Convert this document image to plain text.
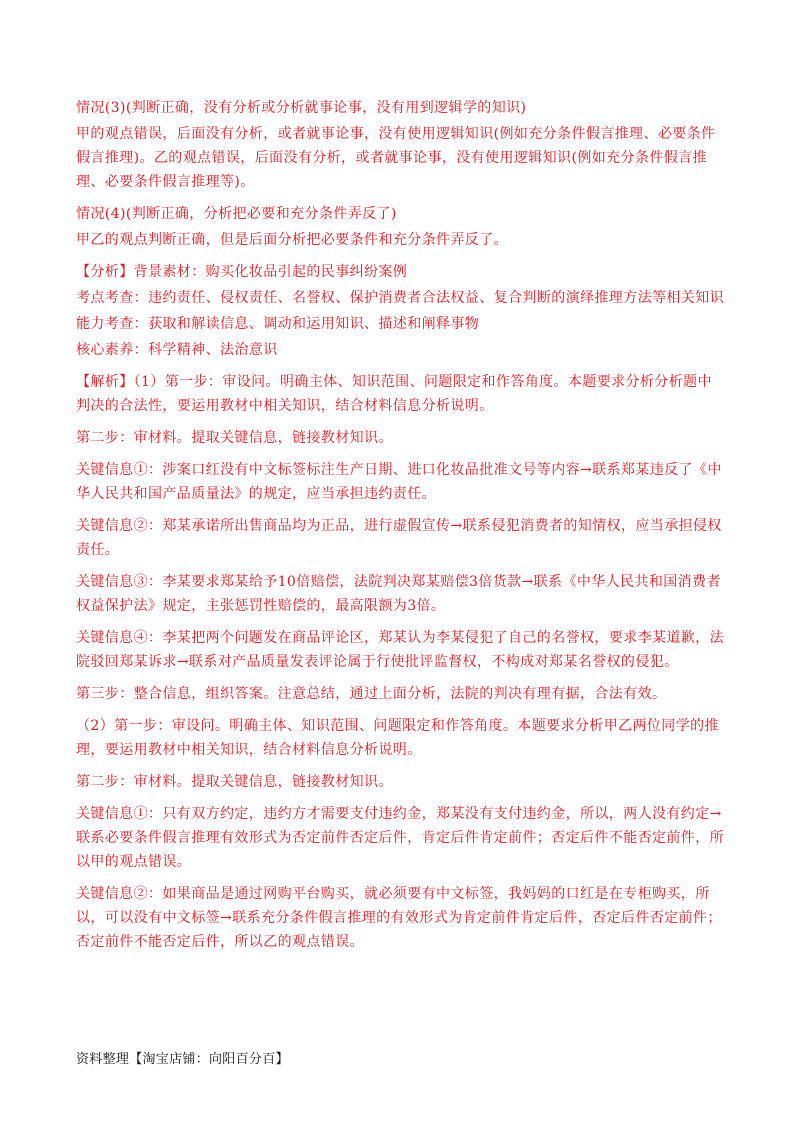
情况(3)(判断正确，没有分析或分析就事论事，没有用到逻辑学的知识)

甲的观点错误，后面没有分析，或者就事论事，没有使用逻辑知识(例如充分条件假言推理、必要条件假言推理)。乙的观点错误，后面没有分析，或者就事论事，没有使用逻辑知识(例如充分条件假言推理、必要条件假言推理等)。

情况(4)(判断正确，分析把必要和充分条件弄反了)

甲乙的观点判断正确，但是后面分析把必要条件和充分条件弄反了。

【分析】背景素材：购买化妆品引起的民事纠纷案例

考点考查：违约责任、侵权责任、名誉权、保护消费者合法权益、复合判断的演绎推理方法等相关知识

能力考查：获取和解读信息、调动和运用知识、描述和阐释事物

核心素养：科学精神、法治意识

【解析】（1）第一步：审设问。明确主体、知识范围、问题限定和作答角度。本题要求分析分析题中判决的合法性，要运用教材中相关知识，结合材料信息分析说明。

第二步：审材料。提取关键信息，链接教材知识。

关键信息①：涉案口红没有中文标签标注生产日期、进口化妆品批准文号等内容→联系郑某违反了《中华人民共和国产品质量法》的规定，应当承担违约责任。

关键信息②：郑某承诺所出售商品均为正品，进行虚假宣传→联系侵犯消费者的知情权，应当承担侵权责任。

关键信息③：李某要求郑某给予10倍赔偿，法院判决郑某赔偿3倍货款→联系《中华人民共和国消费者权益保护法》规定，主张惩罚性赔偿的，最高限额为3倍。

关键信息④：李某把两个问题发在商品评论区，郑某认为李某侵犯了自己的名誉权，要求李某道歉，法院驳回郑某诉求→联系对产品质量发表评论属于行使批评监督权，不构成对郑某名誉权的侵犯。

第三步：整合信息，组织答案。注意总结，通过上面分析，法院的判决有理有据，合法有效。

（2）第一步：审设问。明确主体、知识范围、问题限定和作答角度。本题要求分析甲乙两位同学的推理，要运用教材中相关知识，结合材料信息分析说明。

第二步：审材料。提取关键信息，链接教材知识。

关键信息①：只有双方约定，违约方才需要支付违约金，郑某没有支付违约金，所以，两人没有约定→联系必要条件假言推理有效形式为否定前件否定后件，肯定后件肯定前件；否定后件不能否定前件，所以甲的观点错误。

关键信息②：如果商品是通过网购平台购买，就必须要有中文标签，我妈妈的口红是在专柜购买，所以，可以没有中文标签→联系充分条件假言推理的有效形式为肯定前件肯定后件，否定后件否定前件；否定前件不能否定后件，所以乙的观点错误。

资料整理【淘宝店铺：向阳百分百】
